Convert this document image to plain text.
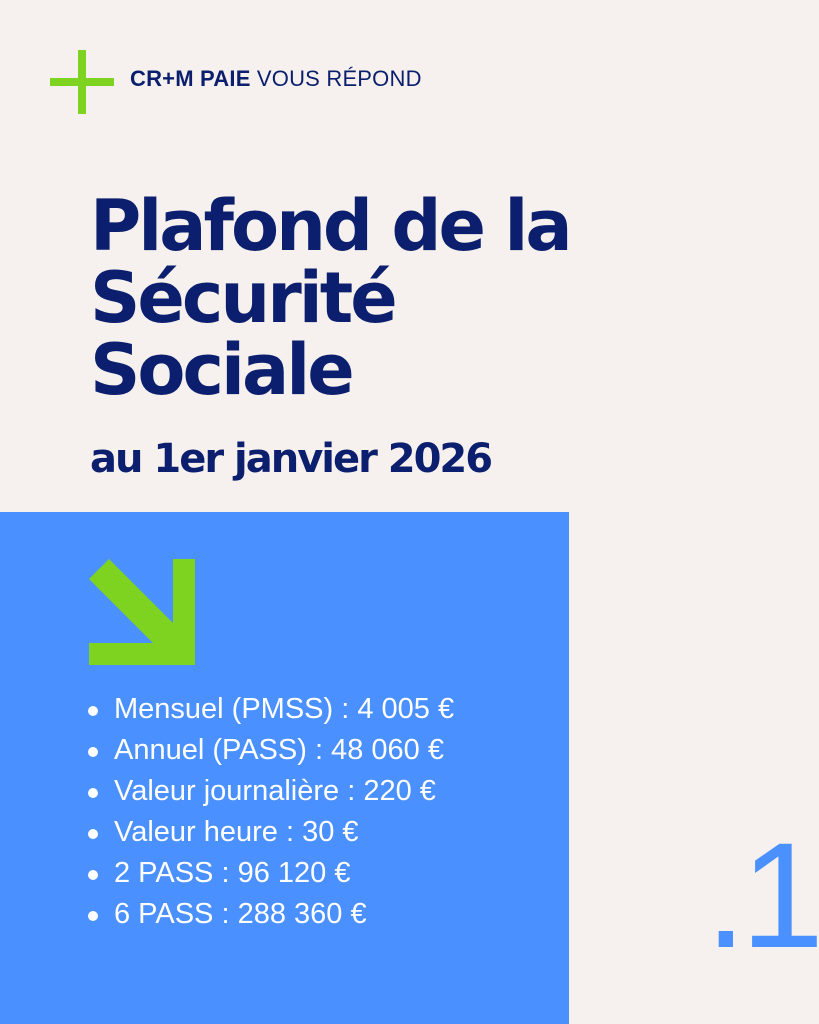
CR+M PAIE VOUS RÉPOND
Plafond de la
Sécurité
Sociale
au 1er janvier 2026
Mensuel (PMSS) : 4 005 €
Annuel (PASS) : 48 060 €
Valeur journalière : 220 €
Valeur heure : 30 €
2 PASS : 96 120 €
6 PASS : 288 360 €	.1
